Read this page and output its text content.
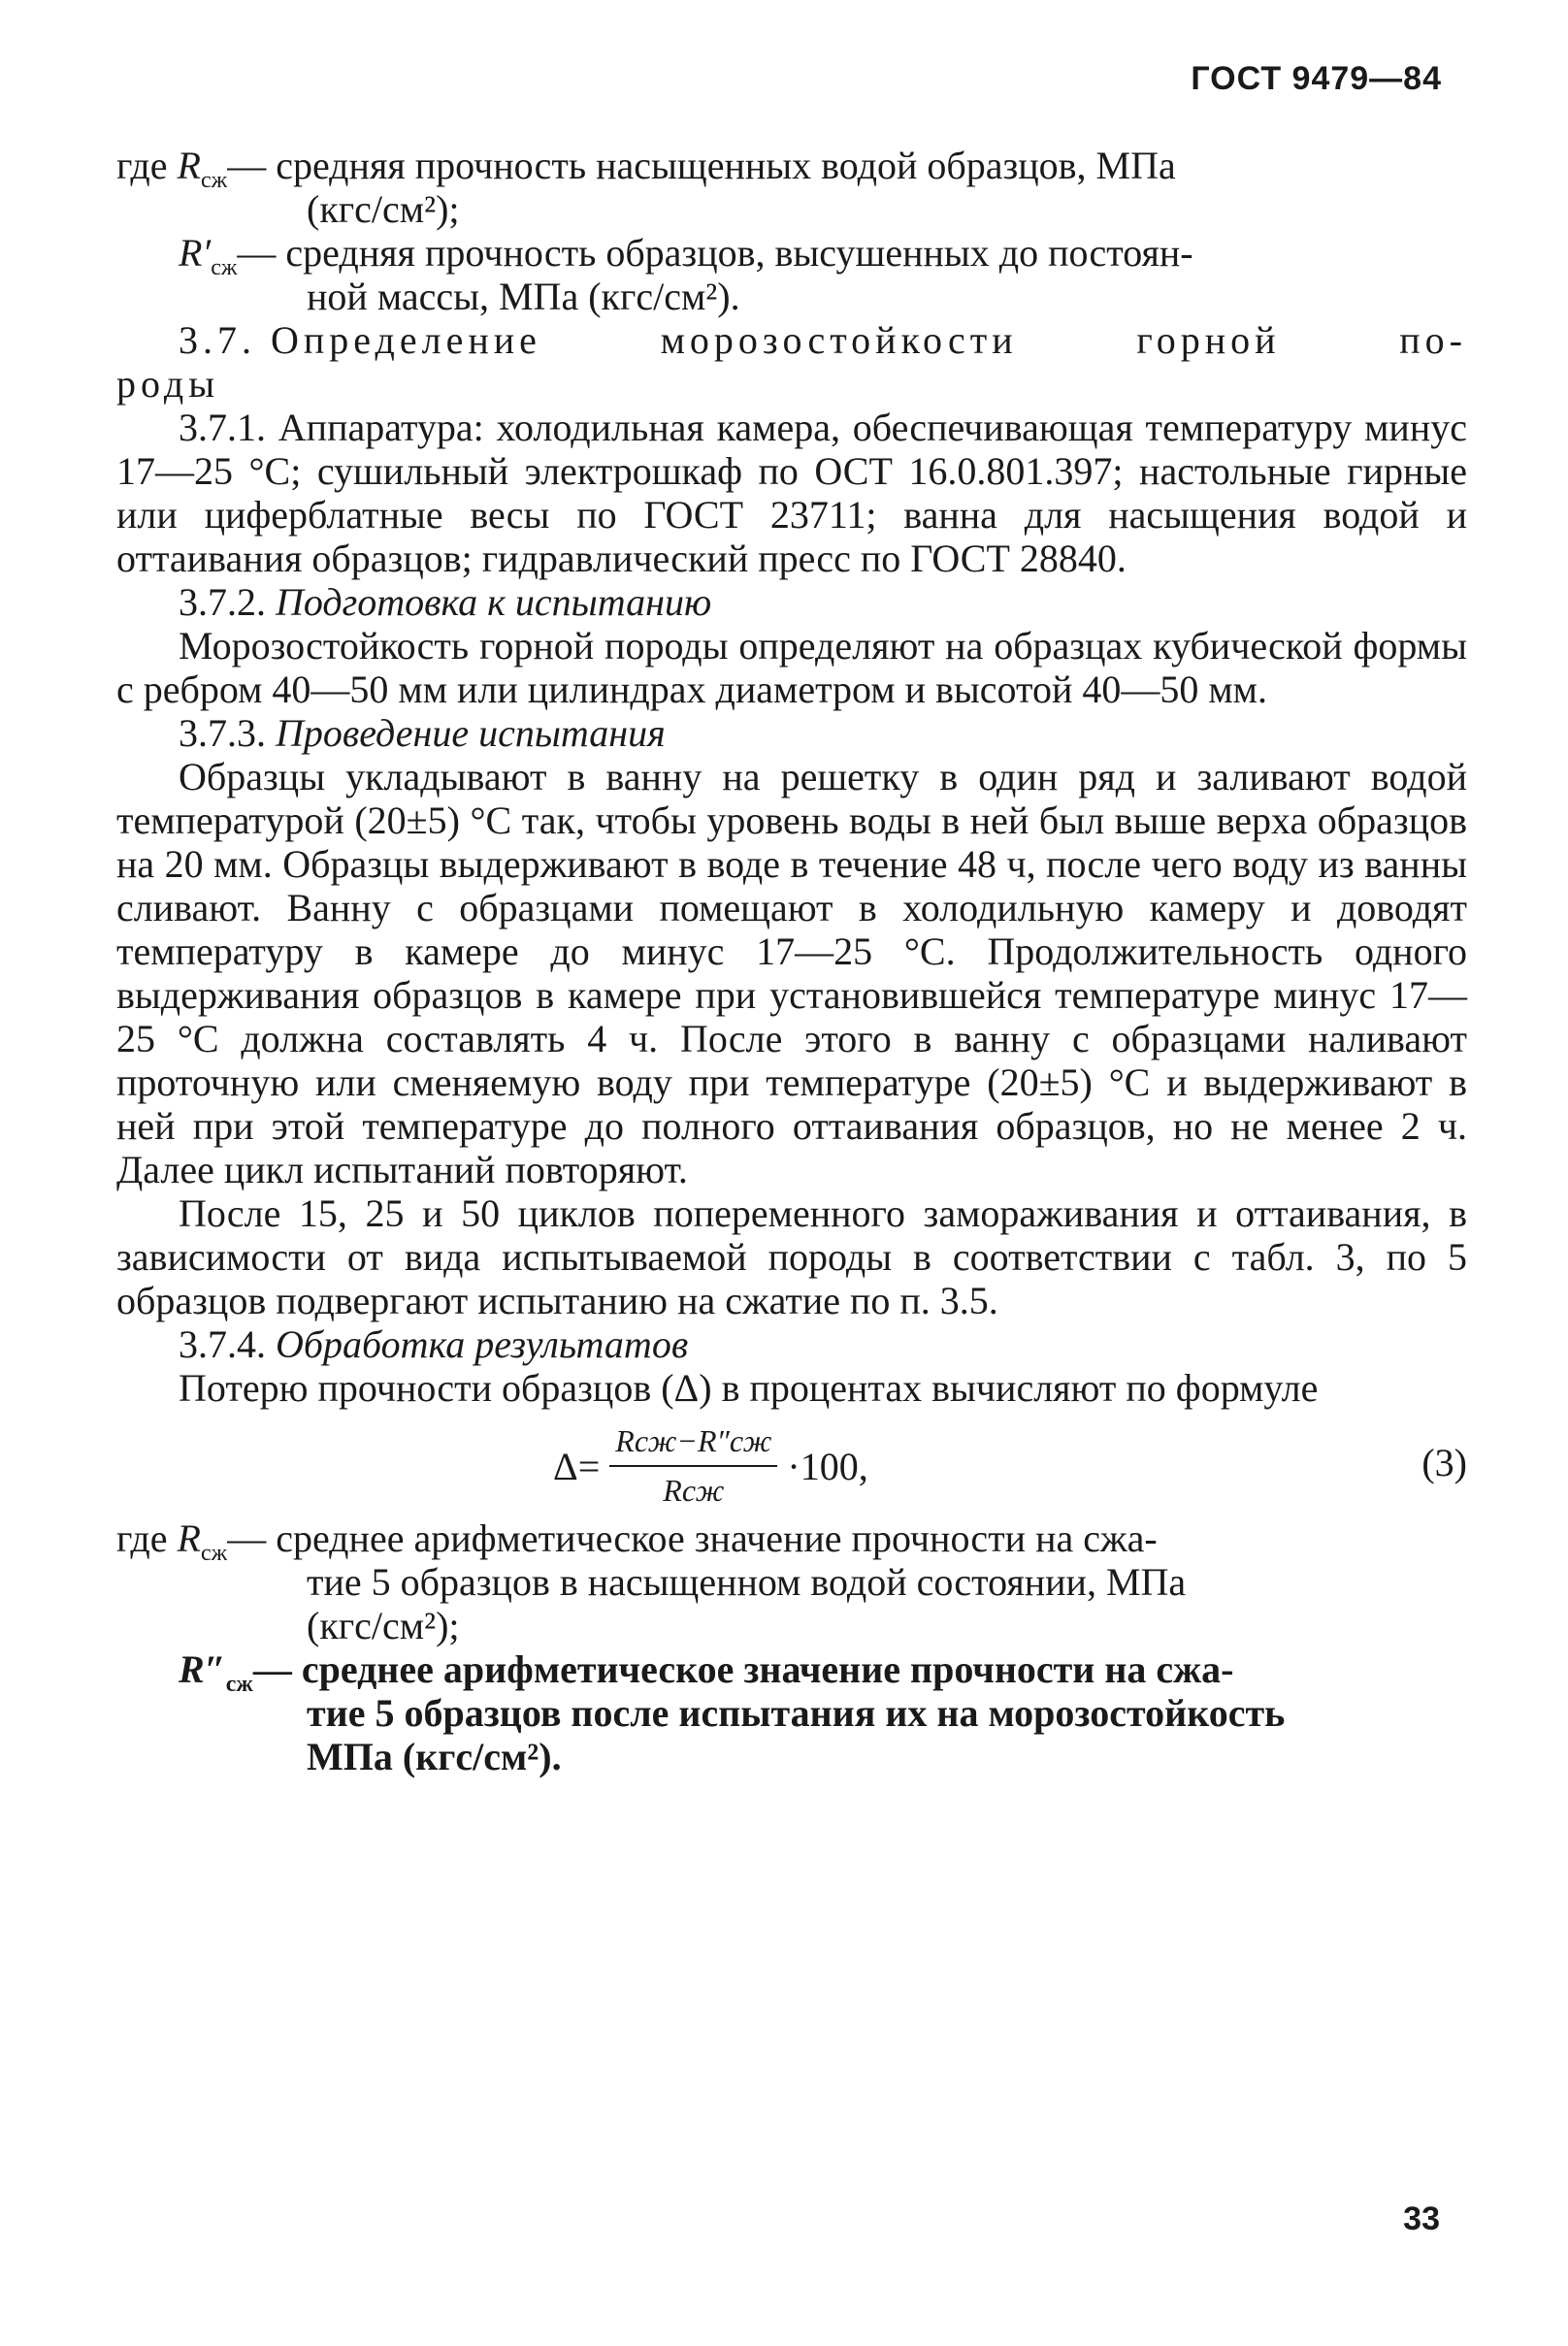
ГОСТ 9479—84
где $R_{сж}$ — средняя прочность насыщенных водой образцов, МПа

(кгс/см²);

$R'_{сж}$ — средняя прочность образцов, высушенных до постоян-

ной массы, МПа (кгс/см²).

3.7. Определение	морозостойкости	горной	по-

роды

3.7.1. Аппаратура: холодильная камера, обеспечивающая температуру минус 17—25 °C; сушильный электрошкаф по ОСТ 16.0.801.397; настольные гирные или циферблатные весы по ГОСТ 23711; ванна для насыщения водой и оттаивания образцов; гидравлический пресс по ГОСТ 28840.

3.7.2. Подготовка к испытанию

Морозостойкость горной породы определяют на образцах кубической формы с ребром 40—50 мм или цилиндрах диаметром и высотой 40—50 мм.

3.7.3. Проведение испытания

Образцы укладывают в ванну на решетку в один ряд и заливают водой температурой (20±5) °C так, чтобы уровень воды в ней был выше верха образцов на 20 мм. Образцы выдерживают в воде в течение 48 ч, после чего воду из ванны сливают. Ванну с образцами помещают в холодильную камеру и доводят температуру в камере до минус 17—25 °C. Продолжительность одного выдерживания образцов в камере при установившейся температуре минус 17—25 °C должна составлять 4 ч. После этого в ванну с образцами наливают проточную или сменяемую воду при температуре (20±5) °C и выдерживают в ней при этой температуре до полного оттаивания образцов, но не менее 2 ч. Далее цикл испытаний повторяют.

После 15, 25 и 50 циклов попеременного замораживания и оттаивания, в зависимости от вида испытываемой породы в соответствии с табл. 3, по 5 образцов подвергают испытанию на сжатие по п. 3.5.

3.7.4. Обработка результатов

Потерю прочности образцов (Δ) в процентах вычисляют по формуле

$\Delta= \frac{\text{Rсж−R″сж}}{\text{Rсж}} \cdot 100$,	(3)
где $R_{сж}$ — среднее арифметическое значение прочности на сжа-

тие 5 образцов в насыщенном водой состоянии, МПа

(кгс/см²);

$R''_{сж}$ — среднее арифметическое значение прочности на сжа-

тие 5 образцов после испытания их на морозостойкость

МПа (кгс/см²).

33
